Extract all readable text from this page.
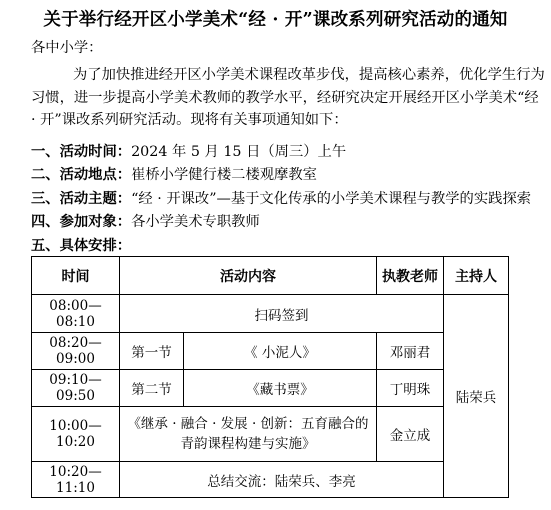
关于举行经开区小学美术“经 · 开”课改系列研究活动的通知
各中小学：
为了加快推进经开区小学美术课程改革步伐，提高核心素养，优化学生行为习惯，进一步提高小学美术教师的教学水平，经研究决定开展经开区小学美术“经 · 开”课改系列研究活动。现将有关事项通知如下：
一、活动时间：2024 年 5 月 15 日（周三）上午
二、活动地点：崔桥小学健行楼二楼观摩教室
三、活动主题：“经 · 开课改”—基于文化传承的小学美术课程与教学的实践探索
四、参加对象：各小学美术专职教师
五、具体安排：
时间	活动内容		执教老师	主持人
08:00—08:10	扫码签到			陆荣兵
08:20—09:00	第一节	《 小泥人》	邓丽君	
09:10—09:50	第二节	《藏书票》	丁明珠	
10:00—10:20	《继承 · 融合 · 发展 · 创新：五育融合的青韵课程构建与实施》		金立成	
10:20—11:10	总结交流：陆荣兵、李亮			
